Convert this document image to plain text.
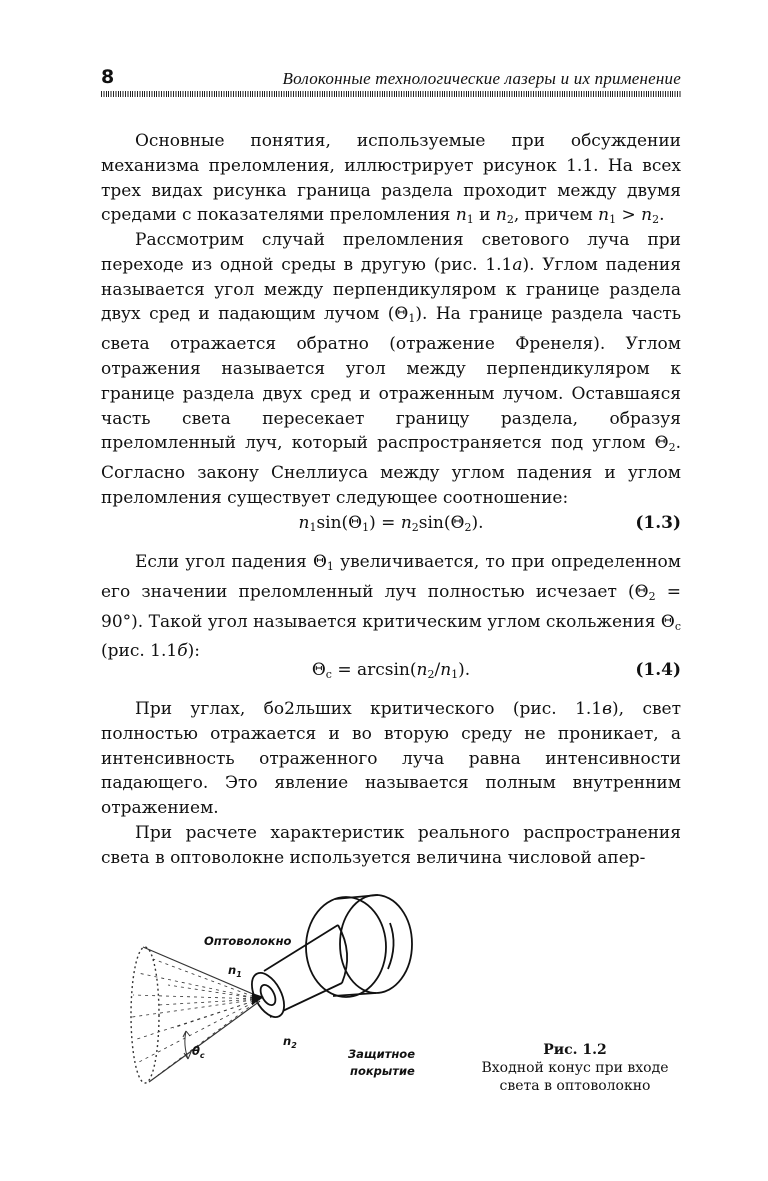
8	Волоконные технологические лазеры и их применение

Основные понятия, используемые при обсуждении механизма преломления, иллюстрирует рисунок 1.1. На всех трех видах рисунка граница раздела проходит между двумя средами с показателями преломления $n_1$ и $n_2$, причем $n_1 > n_2$.

Рассмотрим случай преломления светового луча при переходе из одной среды в другую (рис. 1.1а). Углом падения называется угол между перпендикуляром к границе раздела двух сред и падающим лучом $(\Theta_1)$. На границе раздела часть света отражается обратно (отражение Френеля). Углом отражения называется угол между перпендикуляром к границе раздела двух сред и отраженным лучом. Оставшаяся часть света пересекает границу раздела, образуя преломленный луч, который распространяется под углом $\Theta_2$. Согласно закону Снеллиуса между углом падения и углом преломления существует следующее соотношение:

$n_1\sin(\Theta_1) = n_2\sin(\Theta_2)$.	(1.3)

Если угол падения $\Theta_1$ увеличивается, то при определенном его значении преломленный луч полностью исчезает $(\Theta_2 = 90^\circ)$. Такой угол называется критическим углом скольжения $\Theta_c$ (рис. 1.1б):

$\Theta_c = \arcsin(n_2/n_1)$.	(1.4)

При углах, бо2льших критического (рис. 1.1в), свет полностью отражается и во вторую среду не проникает, а интенсивность отраженного луча равна интенсивности падающего. Это явление называется полным внутренним отражением.

При расчете характеристик реального распространения света в оптоволокне используется величина числовой апер-

Оптоволокно
$n_1$
$n_2$
$\theta_c$	Защитное
покрытие
Рис. 1.2
Входной конус при входе
света в оптоволокно
